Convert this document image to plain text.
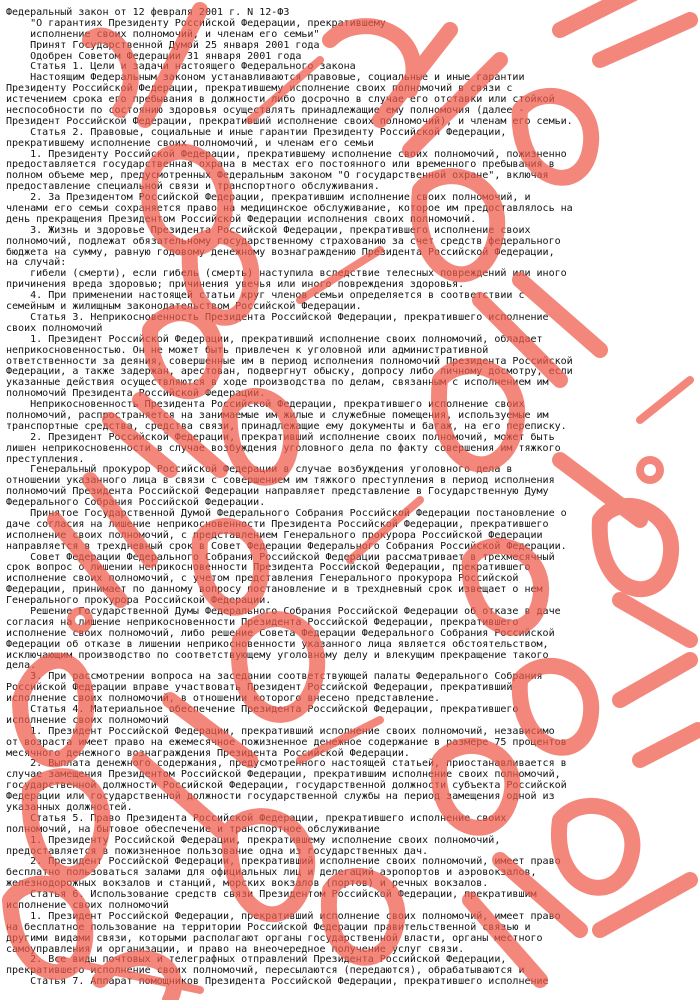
Федеральный закон от 12 февраля 2001 г. N 12-ФЗ
"О гарантиях Президенту Российской Федерации, прекратившему
исполнение своих полномочий, и членам его семьи"
Принят Государственной Думой 25 января 2001 года
Одобрен Советом Федерации 31 января 2001 года
Статья 1. Цели и задачи настоящего Федерального закона
Настоящим Федеральным законом устанавливаются правовые, социальные и иные гарантии
Президенту Российской Федерации, прекратившему исполнение своих полномочий в связи с
истечением срока его пребывания в должности либо досрочно в случае его отставки или стойкой
неспособности по состоянию здоровья осуществлять принадлежащие ему полномочия (далее -
Президент Российской Федерации, прекративший исполнение своих полномочий), и членам его семьи.
Статья 2. Правовые, социальные и иные гарантии Президенту Российской Федерации,
прекратившему исполнение своих полномочий, и членам его семьи
1. Президенту Российской Федерации, прекратившему исполнение своих полномочий, пожизненно
предоставляется государственная охрана в местах его постоянного или временного пребывания в
полном объеме мер, предусмотренных Федеральным законом "О государственной охране", включая
предоставление специальной связи и транспортного обслуживания.
2. За Президентом Российской Федерации, прекратившим исполнение своих полномочий, и
членами его семьи сохраняется право на медицинское обслуживание, которое им предоставлялось на
день прекращения Президентом Российской Федерации исполнения своих полномочий.
3. Жизнь и здоровье Президента Российской Федерации, прекратившего исполнение своих
полномочий, подлежат обязательному государственному страхованию за счет средств федерального
бюджета на сумму, равную годовому денежному вознаграждению Президента Российской Федерации,
на случай:
гибели (смерти), если гибель (смерть) наступила вследствие телесных повреждений или иного
причинения вреда здоровью; причинения увечья или иного повреждения здоровья.
4. При применении настоящей статьи круг членов семьи определяется в соответствии с
семейным и жилищным законодательством Российской Федерации.
Статья 3. Неприкосновенность Президента Российской Федерации, прекратившего исполнение
своих полномочий
1. Президент Российской Федерации, прекративший исполнение своих полномочий, обладает
неприкосновенностью. Он не может быть привлечен к уголовной или административной
ответственности за деяния, совершенные им в период исполнения полномочий Президента Российской
Федерации, а также задержан, арестован, подвергнут обыску, допросу либо личному досмотру, если
указанные действия осуществляются в ходе производства по делам, связанным с исполнением им
полномочий Президента Российской Федерации.
Неприкосновенность Президента Российской Федерации, прекратившего исполнение своих
полномочий, распространяется на занимаемые им жилые и служебные помещения, используемые им
транспортные средства, средства связи, принадлежащие ему документы и багаж, на его переписку.
2. Президент Российской Федерации, прекративший исполнение своих полномочий, может быть
лишен неприкосновенности в случае возбуждения уголовного дела по факту совершения им тяжкого
преступления.
Генеральный прокурор Российской Федерации в случае возбуждения уголовного дела в
отношении указанного лица в связи с совершением им тяжкого преступления в период исполнения
полномочий Президента Российской Федерации направляет представление в Государственную Думу
Федерального Собрания Российской Федерации.
Принятое Государственной Думой Федерального Собрания Российской Федерации постановление о
даче согласия на лишение неприкосновенности Президента Российской Федерации, прекратившего
исполнение своих полномочий, с представлением Генерального прокурора Российской Федерации
направляется в трехдневный срок в Совет Федерации Федерального Собрания Российской Федерации.
Совет Федерации Федерального Собрания Российской Федерации рассматривает в трехмесячный
срок вопрос о лишении неприкосновенности Президента Российской Федерации, прекратившего
исполнение своих полномочий, с учетом представления Генерального прокурора Российской
Федерации, принимает по данному вопросу постановление и в трехдневный срок извещает о нем
Генерального прокурора Российской Федерации.
Решение Государственной Думы Федерального Собрания Российской Федерации об отказе в даче
согласия на лишение неприкосновенности Президента Российской Федерации, прекратившего
исполнение своих полномочий, либо решение Совета Федерации Федерального Собрания Российской
Федерации об отказе в лишении неприкосновенности указанного лица является обстоятельством,
исключающим производство по соответствующему уголовному делу и влекущим прекращение такого
дела.
3. При рассмотрении вопроса на заседании соответствующей палаты Федерального Собрания
Российской Федерации вправе участвовать Президент Российской Федерации, прекративший
исполнение своих полномочий, в отношении которого внесено представление.
Статья 4. Материальное обеспечение Президента Российской Федерации, прекратившего
исполнение своих полномочий
1. Президент Российской Федерации, прекративший исполнение своих полномочий, независимо
от возраста имеет право на ежемесячное пожизненное денежное содержание в размере 75 процентов
месячного денежного вознаграждения Президента Российской Федерации.
2. Выплата денежного содержания, предусмотренного настоящей статьей, приостанавливается в
случае замещения Президентом Российской Федерации, прекратившим исполнение своих полномочий,
государственной должности Российской Федерации, государственной должности субъекта Российской
Федерации или государственной должности государственной службы на период замещения одной из
указанных должностей.
Статья 5. Право Президента Российской Федерации, прекратившего исполнение своих
полномочий, на бытовое обеспечение и транспортное обслуживание
1. Президенту Российской Федерации, прекратившему исполнение своих полномочий,
предоставляется в пожизненное пользование одна из государственных дач.
2. Президент Российской Федерации, прекративший исполнение своих полномочий, имеет право
бесплатно пользоваться залами для официальных лиц и делегаций аэропортов и аэровокзалов,
железнодорожных вокзалов и станций, морских вокзалов (портов) и речных вокзалов.
Статья 6. Использование средств связи Президентом Российской Федерации, прекратившим
исполнение своих полномочий
1. Президент Российской Федерации, прекративший исполнение своих полномочий, имеет право
на бесплатное пользование на территории Российской Федерации правительственной связью и
другими видами связи, которыми располагают органы государственной власти, органы местного
самоуправления и организации, и право на внеочередное получение услуг связи.
2. Все виды почтовых и телеграфных отправлений Президента Российской Федерации,
прекратившего исполнение своих полномочий, пересылаются (передаются), обрабатываются и
Статья 7. Аппарат помощников Президента Российской Федерации, прекратившего исполнение
